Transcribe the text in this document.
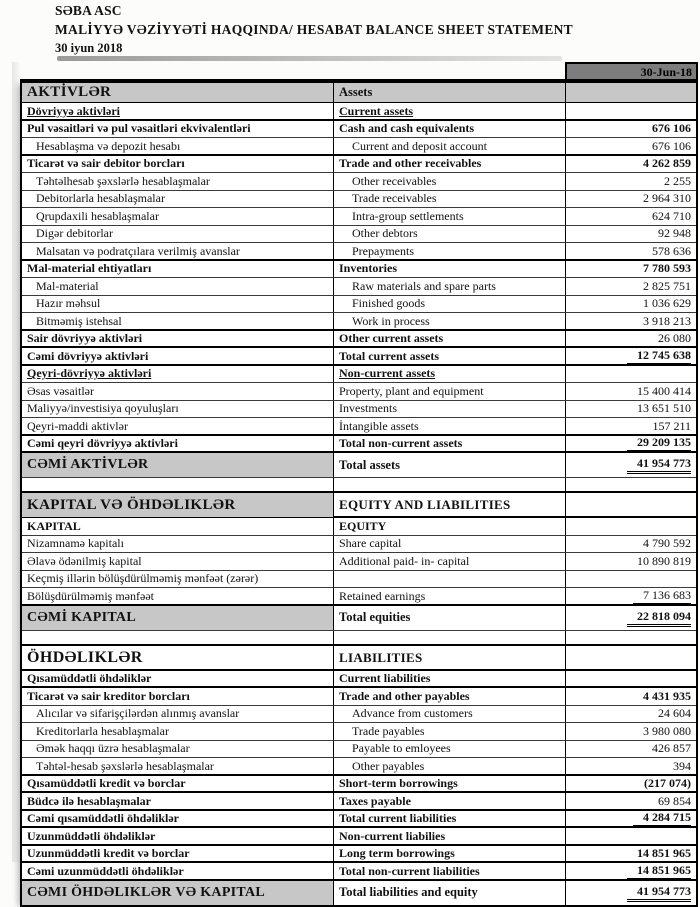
SƏBA ASC
MALİYYƏ VƏZİYYƏTİ HAQQINDA/ HESABAT BALANCE SHEET STATEMENT
30 iyun 2018
30-Jun-18
AKTİVLƏR	Assets
Dövriyyə aktivləri	Current assets
Pul vəsaitləri və pul vəsaitləri ekvivalentləri	Cash and cash equivalents	676 106
Hesablaşma və depozit hesabı	Current and deposit account	676 106
Ticarət və sair debitor borcları	Trade and other receivables	4 262 859
Təhtəlhesab şəxslərlə hesablaşmalar	Other receivables	2 255
Debitorlarla hesablaşmalar	Trade receivables	2 964 310
Qrupdaxili hesablaşmalar	Intra-group settlements	624 710
Digər debitorlar	Other debtors	92 948
Malsatan və podratçılara verilmiş avanslar	Prepayments	578 636
Mal-material ehtiyatları	Inventories	7 780 593
Mal-material	Raw materials and spare parts	2 825 751
Hazır məhsul	Finished goods	1 036 629
Bitməmiş istehsal	Work in process	3 918 213
Sair dövriyyə aktivləri	Other current assets	26 080
Cəmi dövriyyə aktivləri	Total current assets	12 745 638
Qeyri-dövriyyə aktivləri	Non-current assets
Əsas vəsaitlər	Property, plant and equipment	15 400 414
Maliyyə/investisiya qoyuluşları	Investments	13 651 510
Qeyri-maddi aktivlər	İntangible assets	157 211
Cəmi qeyri dövriyyə aktivləri	Total non-current assets	29 209 135
CƏMİ AKTİVLƏR	Total assets	41 954 773
KAPITAL VƏ ÖHDƏLIKLƏR	EQUITY AND LIABILITIES
KAPITAL	EQUITY
Nizamnamə kapitalı	Share capital	4 790 592
Əlavə ödənilmiş kapital	Additional paid- in- capital	10 890 819
Keçmiş illərin bölüşdürülməmiş mənfəət (zərər)
Bölüşdürülməmiş mənfəət	Retained earnings	7 136 683
CƏMİ KAPITAL	Total equities	22 818 094
ÖHDƏLIKLƏR	LIABILITIES
Qısamüddətli öhdəliklər	Current liabilities
Ticarət və sair kreditor borcları	Trade and other payables	4 431 935
Alıcılar və sifarişçilərdən alınmış avanslar	Advance from customers	24 604
Kreditorlarla hesablaşmalar	Trade payables	3 980 080
Əmək haqqı üzrə hesablaşmalar	Payable to emloyees	426 857
Təhtəl-hesab şəxslərlə hesablaşmalar	Other payables	394
Qısamüddətli kredit və borclar	Short-term borrowings	(217 074)
Büdcə ilə hesablaşmalar	Taxes payable	69 854
Cəmi qısamüddətli öhdəliklər	Total current liabilities	4 284 715
Uzunmüddətli öhdəliklər	Non-current liabilies
Uzunmüddətli kredit və borclar	Long term borrowings	14 851 965
Cəmi uzunmüddətli öhdəliklər	Total non-current liabilities	14 851 965
CƏMI ÖHDƏLIKLƏR VƏ KAPITAL	Total liabilities and equity	41 954 773
